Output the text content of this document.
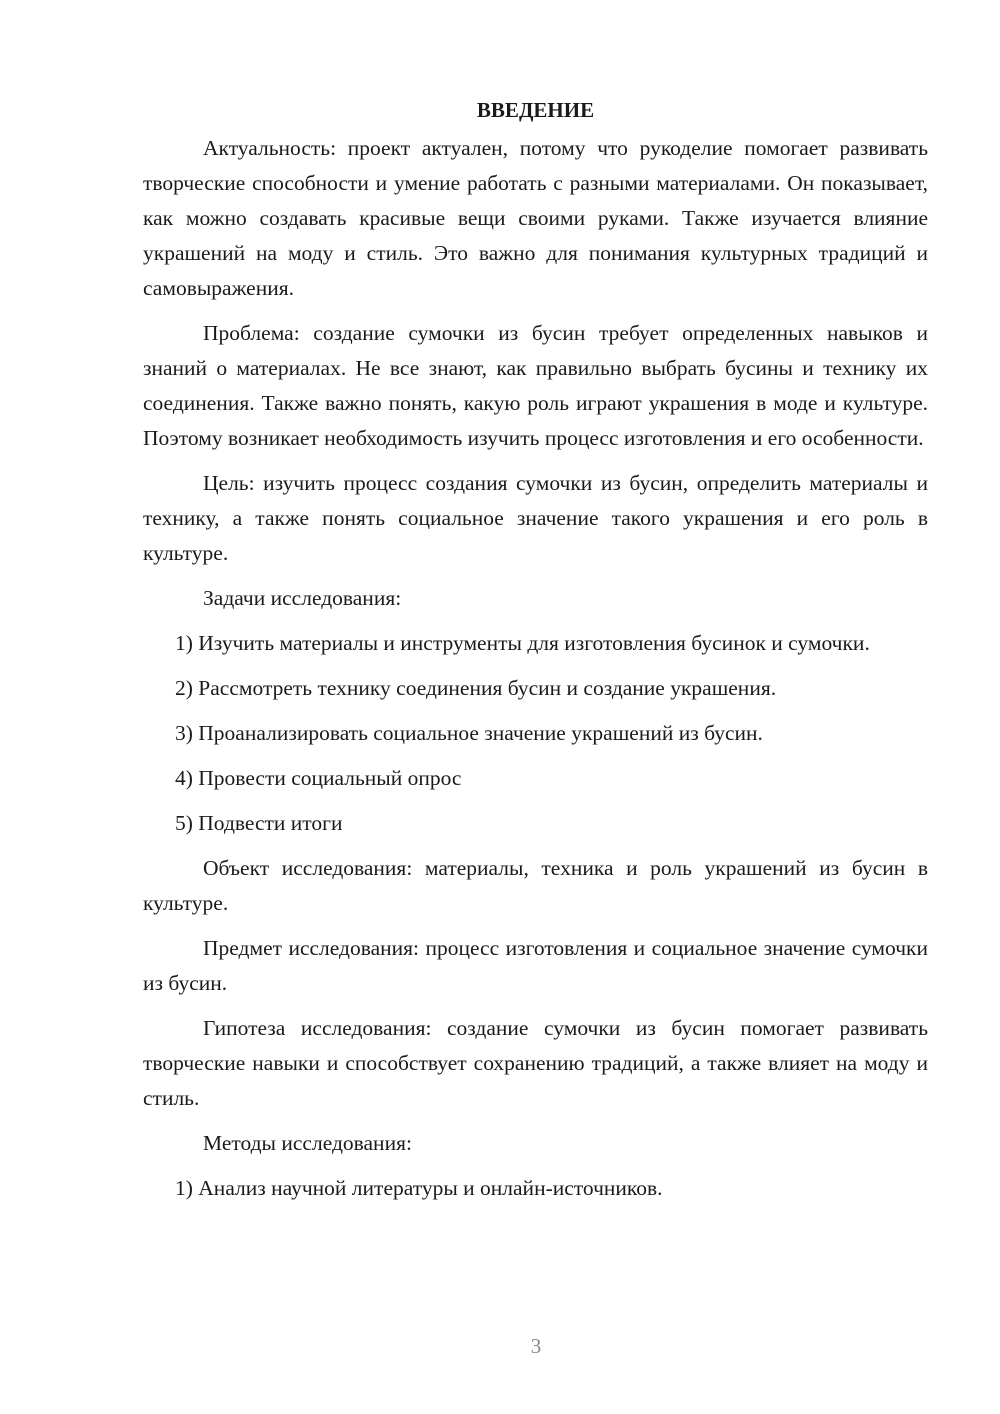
ВВЕДЕНИЕ

Актуальность: проект актуален, потому что рукоделие помогает развивать творческие способности и умение работать с разными материалами. Он показывает, как можно создавать красивые вещи своими руками. Также изучается влияние украшений на моду и стиль. Это важно для понимания культурных традиций и самовыражения.

Проблема: создание сумочки из бусин требует определенных навыков и знаний о материалах. Не все знают, как правильно выбрать бусины и технику их соединения. Также важно понять, какую роль играют украшения в моде и культуре. Поэтому возникает необходимость изучить процесс изготовления и его особенности.

Цель: изучить процесс создания сумочки из бусин, определить материалы и технику, а также понять социальное значение такого украшения и его роль в культуре.

Задачи исследования:

1) Изучить материалы и инструменты для изготовления бусинок и сумочки.

2) Рассмотреть технику соединения бусин и создание украшения.

3) Проанализировать социальное значение украшений из бусин.

4) Провести социальный опрос

5) Подвести итоги

Объект исследования: материалы, техника и роль украшений из бусин в культуре.

Предмет исследования: процесс изготовления и социальное значение сумочки из бусин.

Гипотеза исследования: создание сумочки из бусин помогает развивать творческие навыки и способствует сохранению традиций, а также влияет на моду и стиль.

Методы исследования:

1) Анализ научной литературы и онлайн-источников.

3
